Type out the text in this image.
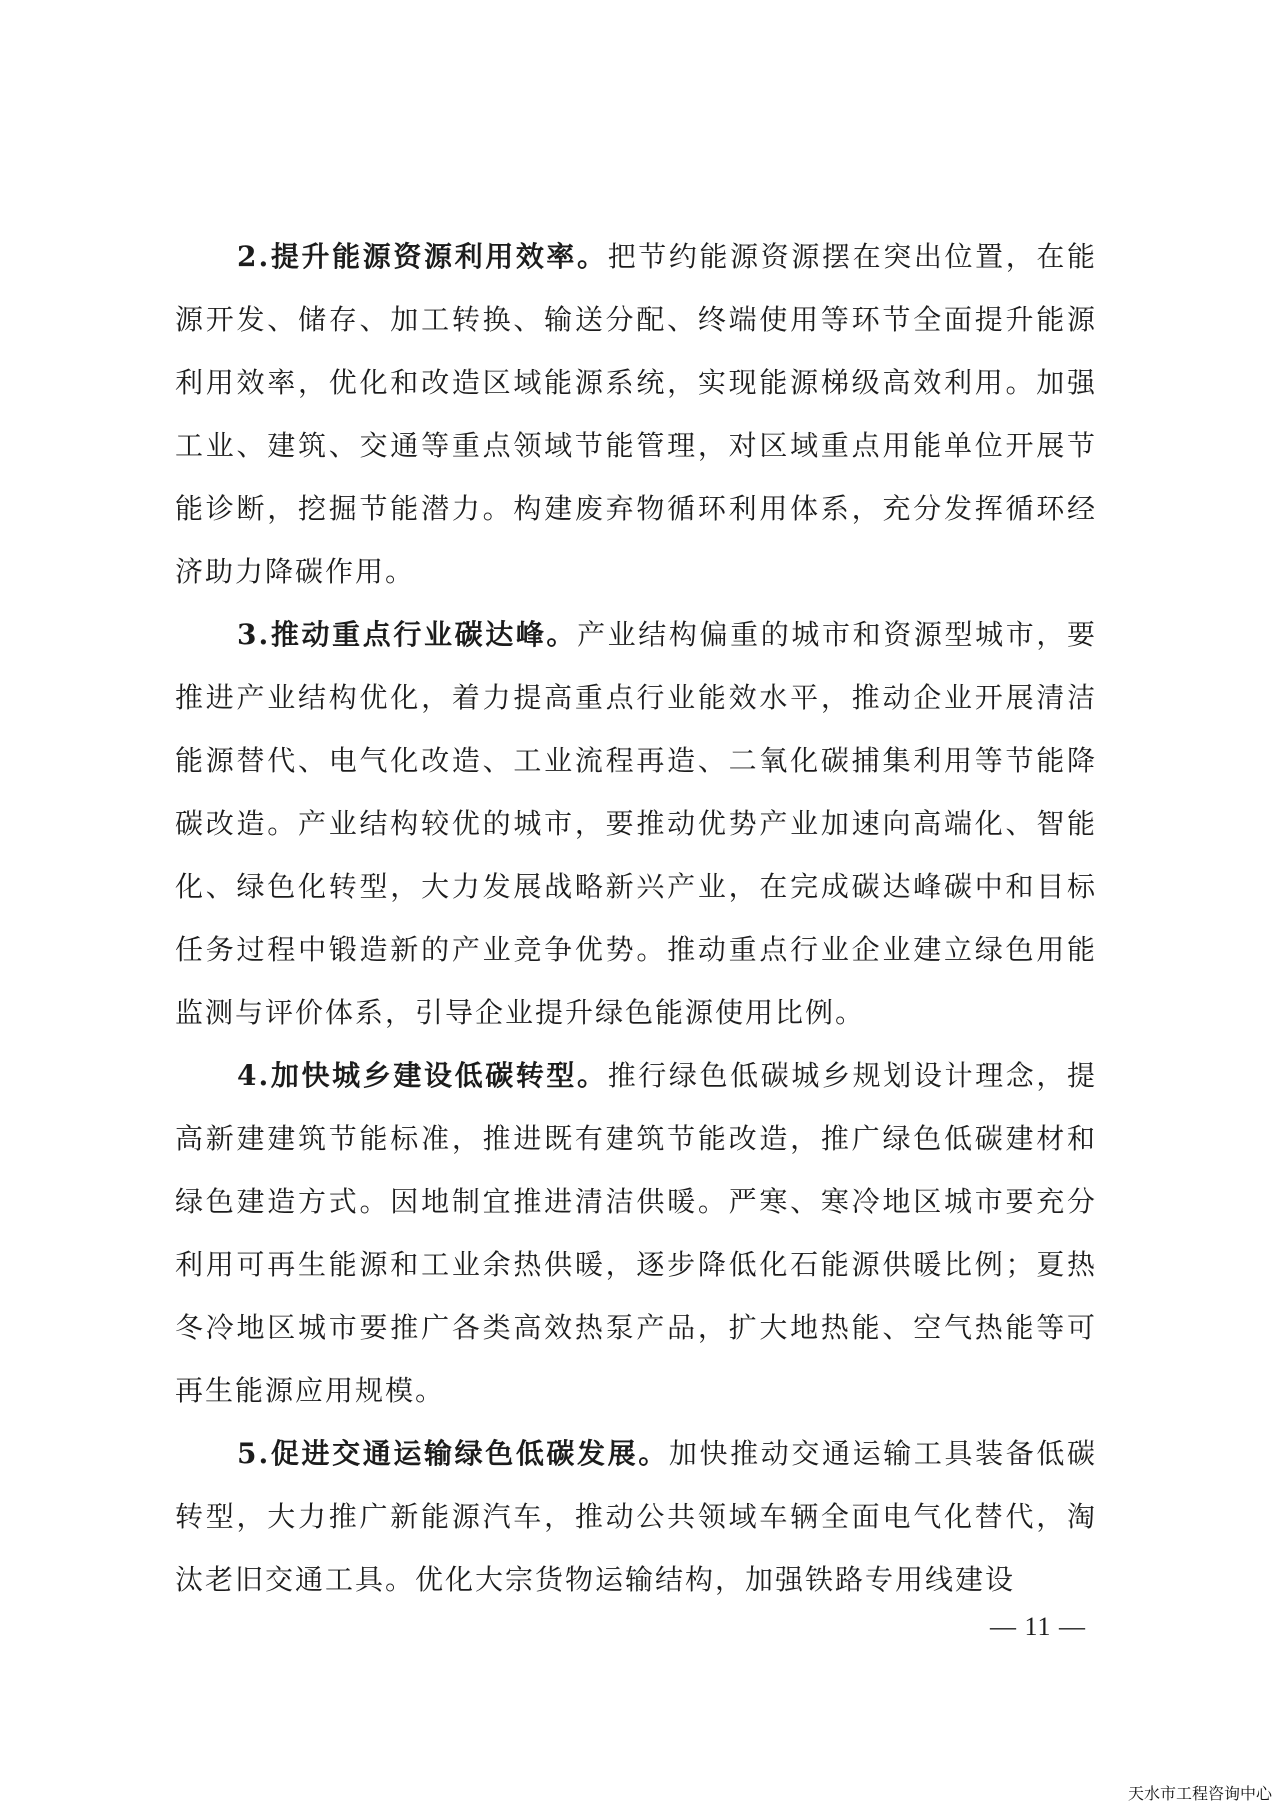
2.提升能源资源利用效率。把节约能源资源摆在突出位置，在能源开发、储存、加工转换、输送分配、终端使用等环节全面提升能源利用效率，优化和改造区域能源系统，实现能源梯级高效利用。加强工业、建筑、交通等重点领域节能管理，对区域重点用能单位开展节能诊断，挖掘节能潜力。构建废弃物循环利用体系，充分发挥循环经济助力降碳作用。

3.推动重点行业碳达峰。产业结构偏重的城市和资源型城市，要推进产业结构优化，着力提高重点行业能效水平，推动企业开展清洁能源替代、电气化改造、工业流程再造、二氧化碳捕集利用等节能降碳改造。产业结构较优的城市，要推动优势产业加速向高端化、智能化、绿色化转型，大力发展战略新兴产业，在完成碳达峰碳中和目标任务过程中锻造新的产业竞争优势。推动重点行业企业建立绿色用能监测与评价体系，引导企业提升绿色能源使用比例。

4.加快城乡建设低碳转型。推行绿色低碳城乡规划设计理念，提高新建建筑节能标准，推进既有建筑节能改造，推广绿色低碳建材和绿色建造方式。因地制宜推进清洁供暖。严寒、寒冷地区城市要充分利用可再生能源和工业余热供暖，逐步降低化石能源供暖比例；夏热冬冷地区城市要推广各类高效热泵产品，扩大地热能、空气热能等可再生能源应用规模。

5.促进交通运输绿色低碳发展。加快推动交通运输工具装备低碳转型，大力推广新能源汽车，推动公共领域车辆全面电气化替代，淘汰老旧交通工具。优化大宗货物运输结构，加强铁路专用线建设

— 11 —
天水市工程咨询中心
